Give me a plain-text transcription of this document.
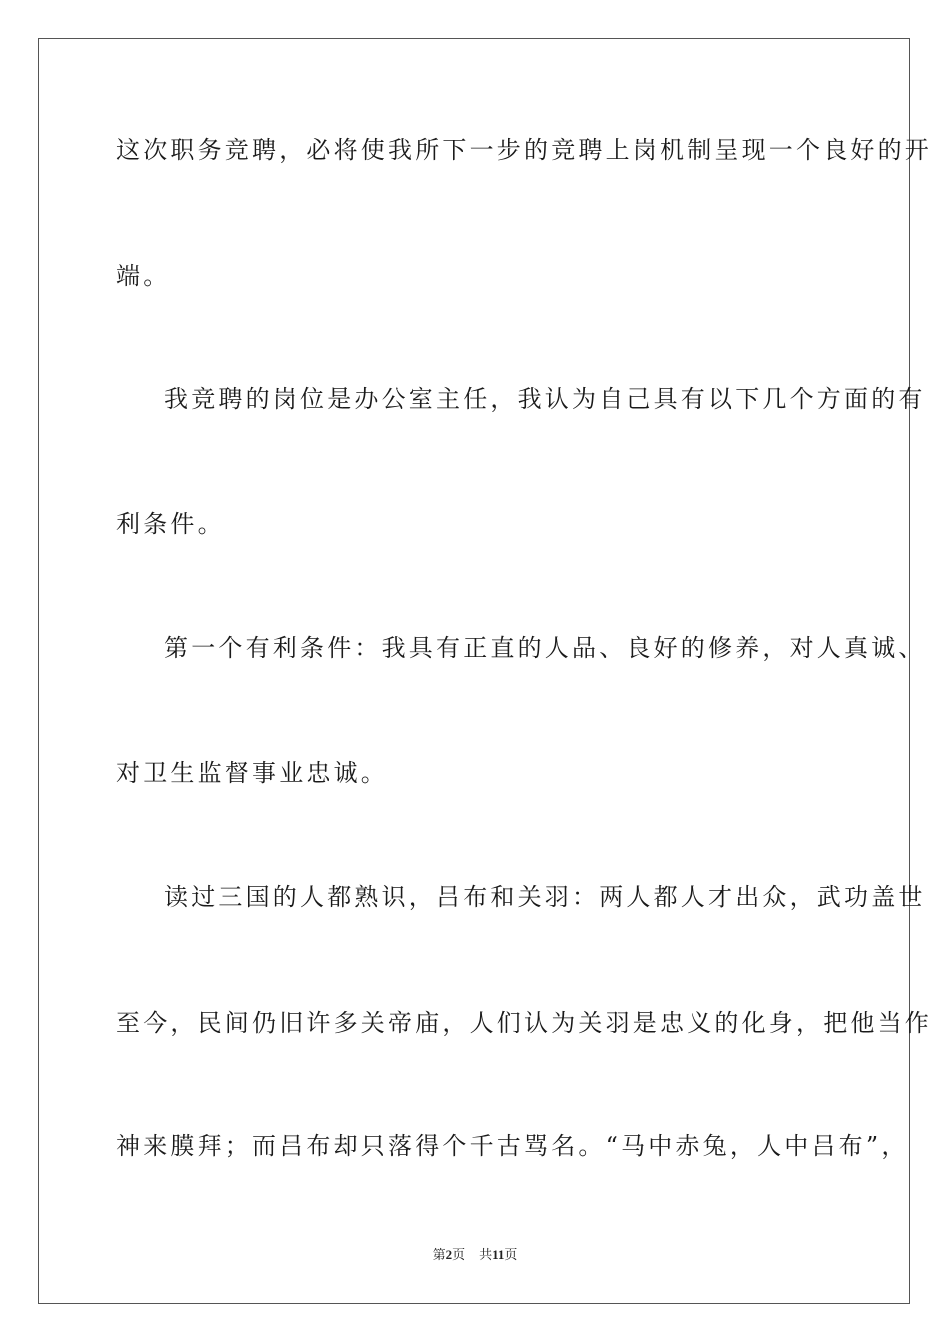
这次职务竞聘，必将使我所下一步的竞聘上岗机制呈现一个良好的开
端。
我竞聘的岗位是办公室主任，我认为自己具有以下几个方面的有
利条件。
第一个有利条件：我具有正直的人品、良好的修养，对人真诚、
对卫生监督事业忠诚。
读过三国的人都熟识，吕布和关羽：两人都人才出众，武功盖世
至今，民间仍旧许多关帝庙，人们认为关羽是忠义的化身，把他当作
神来膜拜；而吕布却只落得个千古骂名。“马中赤兔，人中吕布”，
第2页 共11页
